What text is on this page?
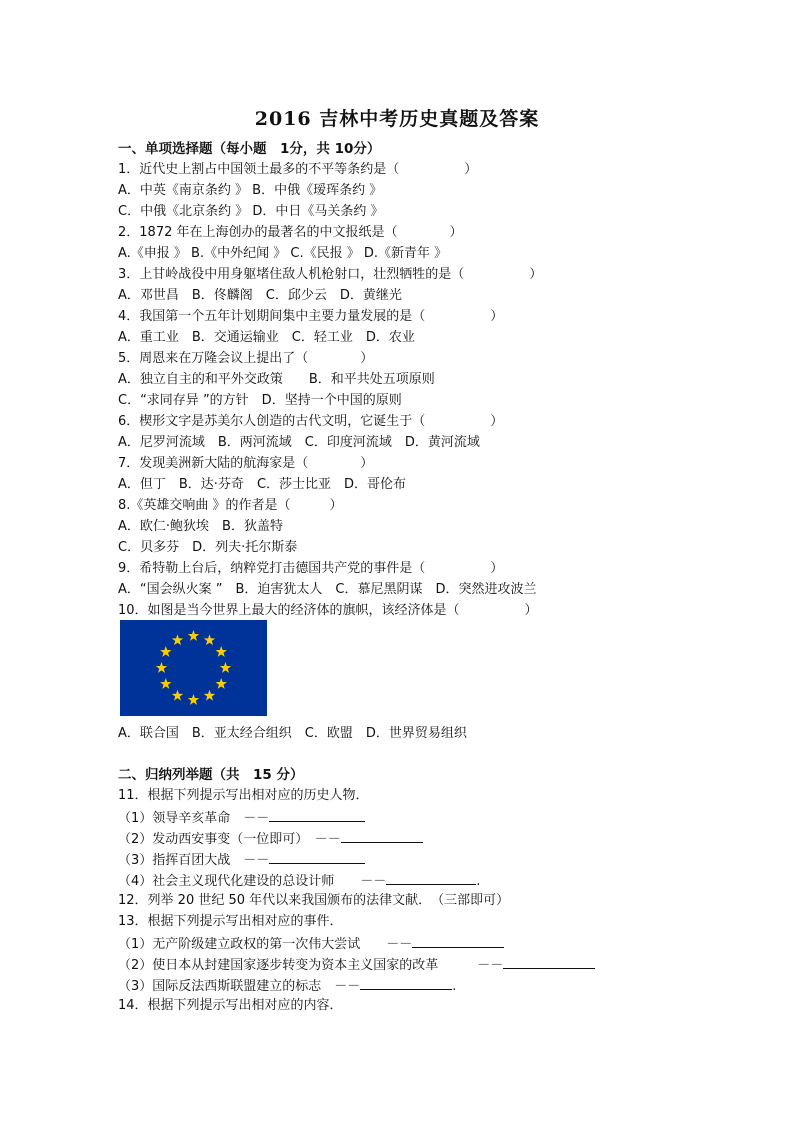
2016 吉林中考历史真题及答案
一、单项选择题（每小题　1分，共 10分）
1．近代史上割占中国领土最多的不平等条约是（　　　　　）
A．中英《南京条约 》 B．中俄《瑷珲条约 》
C．中俄《北京条约 》 D．中日《马关条约 》
2．1872 年在上海创办的最著名的中文报纸是（　　　　）
A.《申报 》 B.《中外纪闻 》 C.《民报 》 D.《新青年 》
3．上甘岭战役中用身躯堵住敌人机枪射口，壮烈牺牲的是（　　　　　）
A．邓世昌　B．佟麟阁　C．邱少云　D．黄继光
4．我国第一个五年计划期间集中主要力量发展的是（　　　　　）
A．重工业　B．交通运输业　C．轻工业　D．农业
5．周恩来在万隆会议上提出了（　　　　）
A．独立自主的和平外交政策　　B．和平共处五项原则
C．“求同存异 ”的方针　D．坚持一个中国的原则
6．楔形文字是苏美尔人创造的古代文明，它诞生于（　　　　　）
A．尼罗河流域　B．两河流域　C．印度河流域　D．黄河流域
7．发现美洲新大陆的航海家是（　　　　）
A．但丁　B．达·芬奇　C．莎士比亚　D．哥伦布
8.《英雄交响曲 》的作者是（　　　）
A．欧仁·鲍狄埃　B．狄盖特
C．贝多芬　D．列夫·托尔斯泰
9．希特勒上台后，纳粹党打击德国共产党的事件是（　　　　　）
A．“国会纵火案 ”　B．迫害犹太人　C．慕尼黑阴谋　D．突然进攻波兰
10．如图是当今世界上最大的经济体的旗帜，该经济体是（　　　　　）
A．联合国　B．亚太经合组织　C．欧盟　D．世界贸易组织
二、归纳列举题（共　15 分）
11．根据下列提示写出相对应的历史人物．
（1）领导辛亥革命　－－
（2）发动西安事变（一位即可）　－－
（3）指挥百团大战　－－
（4）社会主义现代化建设的总设计师　　－－	.
12．列举 20 世纪 50 年代以来我国颁布的法律文献．　（三部即可）
13．根据下列提示写出相对应的事件．
（1）无产阶级建立政权的第一次伟大尝试　　－－
（2）使日本从封建国家逐步转变为资本主义国家的改革　　　－－
（3）国际反法西斯联盟建立的标志　－－	.
14．根据下列提示写出相对应的内容．
